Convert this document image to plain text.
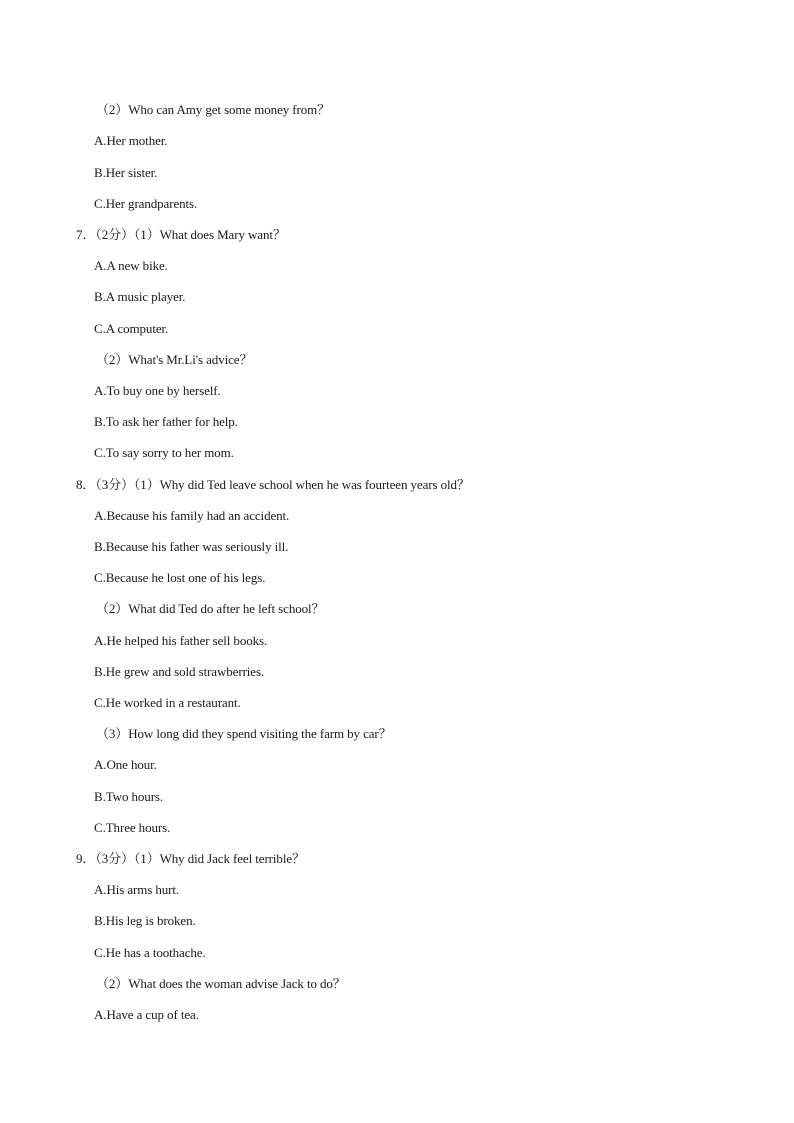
（2）Who can Amy get some money from？
A.Her mother.
B.Her sister.
C.Her grandparents.
7．（2分）（1）What does Mary want？
A.A new bike.
B.A music player.
C.A computer.
（2）What's Mr.Li's advice？
A.To buy one by herself.
B.To ask her father for help.
C.To say sorry to her mom.
8．（3分）（1）Why did Ted leave school when he was fourteen years old？
A.Because his family had an accident.
B.Because his father was seriously ill.
C.Because he lost one of his legs.
（2）What did Ted do after he left school？
A.He helped his father sell books.
B.He grew and sold strawberries.
C.He worked in a restaurant.
（3）How long did they spend visiting the farm by car？
A.One hour.
B.Two hours.
C.Three hours.
9．（3分）（1）Why did Jack feel terrible？
A.His arms hurt.
B.His leg is broken.
C.He has a toothache.
（2）What does the woman advise Jack to do？
A.Have a cup of tea.
